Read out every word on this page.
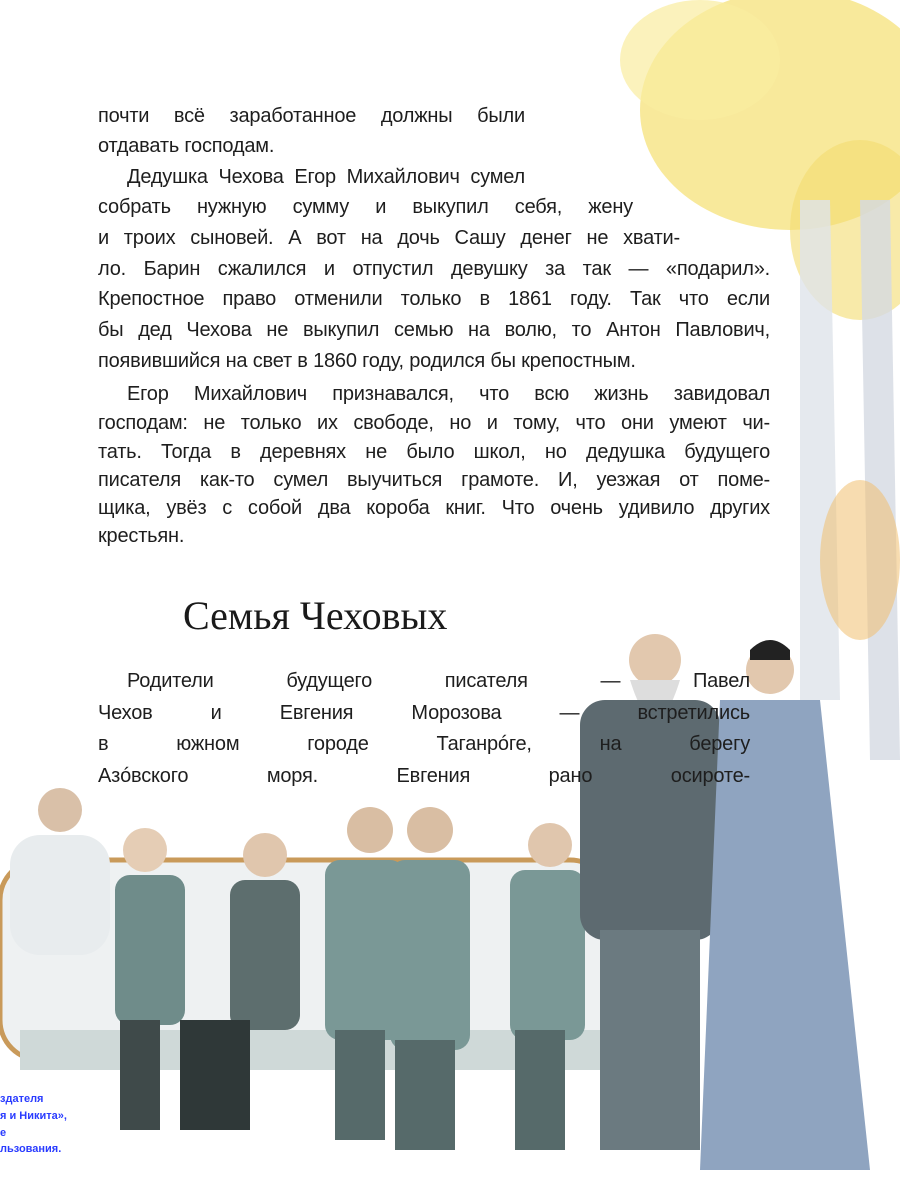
почти всё заработанное должны были
отдавать господам.
Дедушка Чехова Егор Михайлович сумел
собрать нужную сумму и выкупил себя, жену
и троих сыновей. А вот на дочь Сашу денег не хвати-
ло. Барин сжалился и отпустил девушку за так — «подарил».
Крепостное право отменили только в 1861 году. Так что если
бы дед Чехова не выкупил семью на волю, то Антон Павлович,
появившийся на свет в 1860 году, родился бы крепостным.
Егор Михайлович признавался, что всю жизнь завидовал
господам: не только их свободе, но и тому, что они умеют чи-
тать. Тогда в деревнях не было школ, но дедушка будущего
писателя как-то сумел выучиться грамоте. И, уезжая от поме-
щика, увёз с собой два короба книг. Что очень удивило других
крестьян.
Семья Чеховых
Родители будущего писателя — Павел
Чехов и Евгения Морозова — встретились
в южном городе Таганрóге, на берегу
Азóвского моря. Евгения рано осироте-
здателя
я и Никита»,
е
льзования.
